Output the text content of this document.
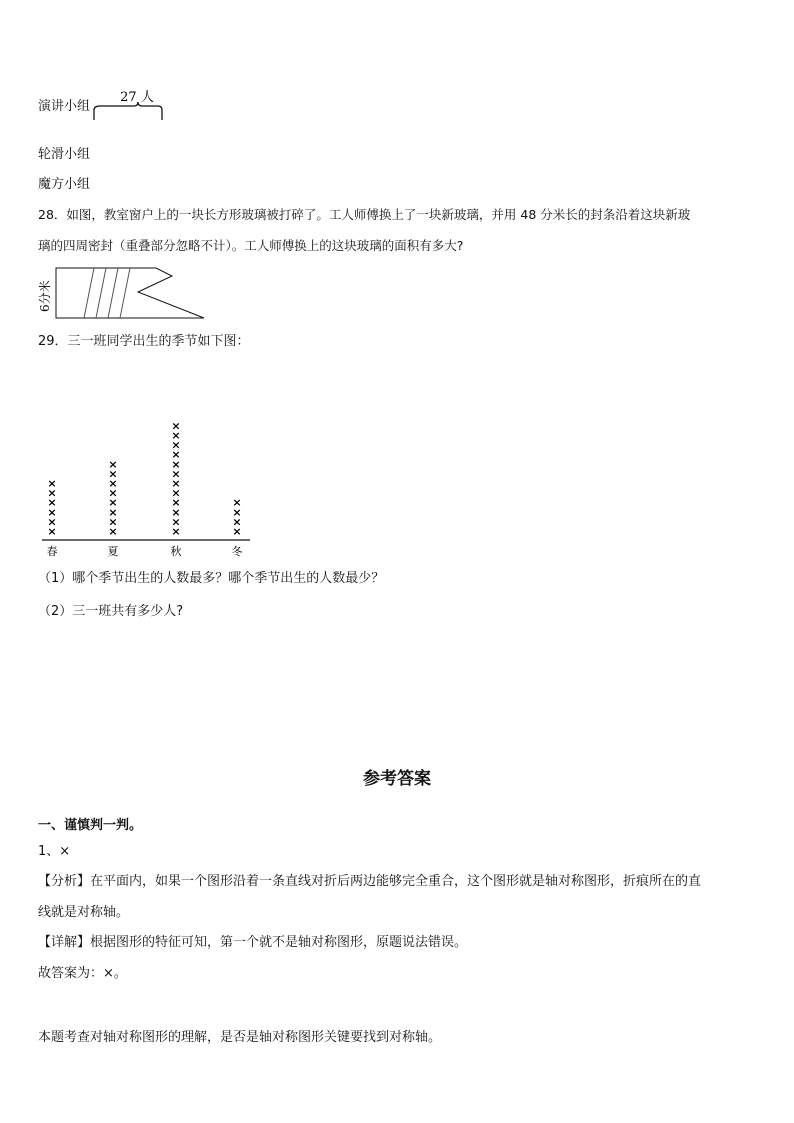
演讲小组
27 人
轮滑小组
魔方小组
28．如图，教室窗户上的一块长方形玻璃被打碎了。工人师傅换上了一块新玻璃，并用 48 分米长的封条沿着这块新玻
璃的四周密封（重叠部分忽略不计）。工人师傅换上的这块玻璃的面积有多大?
6分米
29．三一班同学出生的季节如下图：
×
×
×
×
×
×
春
×
×
×
×
×
×
×
×
夏
×
×
×
×
×
×
×
×
×
×
×
×
秋
×
×
×
×
冬
（1）哪个季节出生的人数最多？哪个季节出生的人数最少？
（2）三一班共有多少人?
参考答案
一、谨慎判一判。
1、×
【分析】在平面内，如果一个图形沿着一条直线对折后两边能够完全重合，这个图形就是轴对称图形，折痕所在的直
线就是对称轴。
【详解】根据图形的特征可知，第一个就不是轴对称图形，原题说法错误。
故答案为：×。
本题考查对轴对称图形的理解，是否是轴对称图形关键要找到对称轴。
